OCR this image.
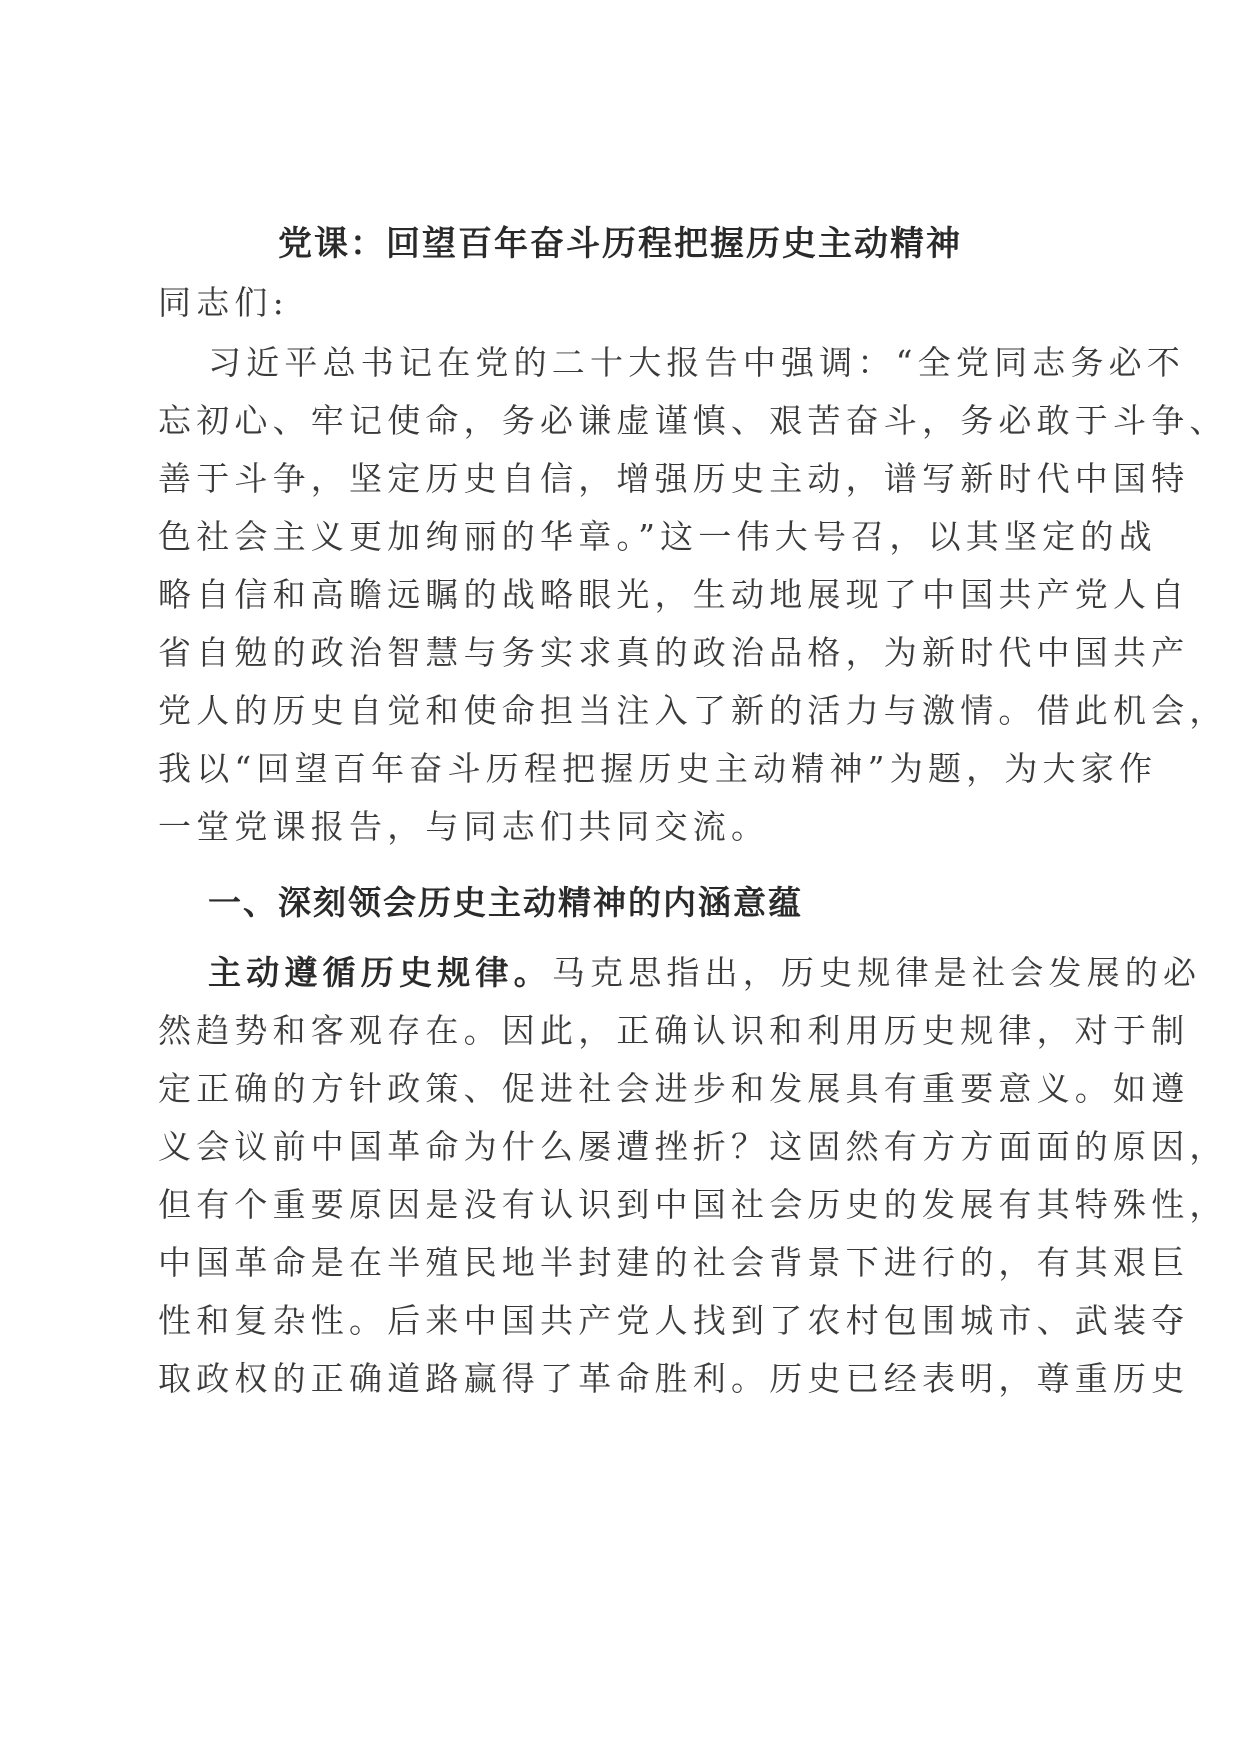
党课：回望百年奋斗历程把握历史主动精神
同志们:
习近平总书记在党的二十大报告中强调：“全党同志务必不
忘初心、牢记使命，务必谦虚谨慎、艰苦奋斗，务必敢于斗争、
善于斗争，坚定历史自信，增强历史主动，谱写新时代中国特
色社会主义更加绚丽的华章。”这一伟大号召，以其坚定的战
略自信和高瞻远瞩的战略眼光，生动地展现了中国共产党人自
省自勉的政治智慧与务实求真的政治品格，为新时代中国共产
党人的历史自觉和使命担当注入了新的活力与激情。借此机会，
我以“回望百年奋斗历程把握历史主动精神”为题，为大家作
一堂党课报告，与同志们共同交流。
一、深刻领会历史主动精神的内涵意蕴
主动遵循历史规律。马克思指出，历史规律是社会发展的必
然趋势和客观存在。因此，正确认识和利用历史规律，对于制
定正确的方针政策、促进社会进步和发展具有重要意义。如遵
义会议前中国革命为什么屡遭挫折？这固然有方方面面的原因，
但有个重要原因是没有认识到中国社会历史的发展有其特殊性，
中国革命是在半殖民地半封建的社会背景下进行的，有其艰巨
性和复杂性。后来中国共产党人找到了农村包围城市、武装夺
取政权的正确道路赢得了革命胜利。历史已经表明，尊重历史
